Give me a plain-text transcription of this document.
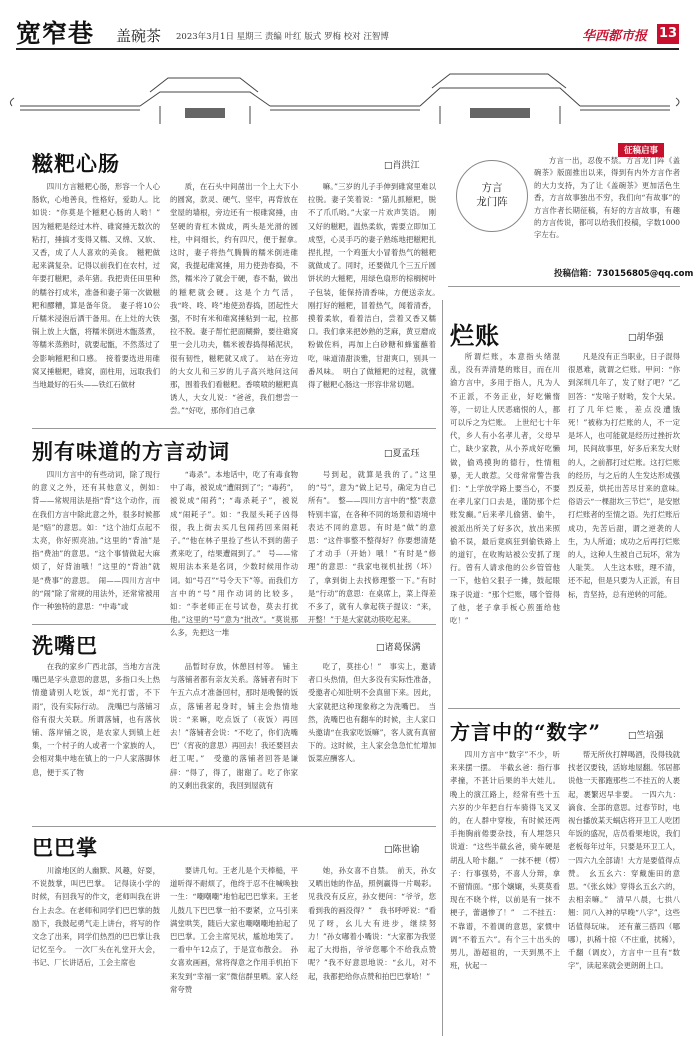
宽窄巷 盖碗茶 2023年3月1日 星期三 责编 叶红 版式 罗梅 校对 汪智博	华西都市报 13
糍粑心肠	□肖洪江

四川方言糍粑心肠，形容一个人心肠软，心地善良，性格好，爱助人。比如说：“你莫是个糍粑心肠的人哟！”　因为糍粑是经过木杵、碓窝捶无数次的粘打，捶搞才变得又糯、又绵、又软、又香，成了人人喜欢的美食。　糍粑做起来满复杂。记得以前我们在农村，过年要打糍粑，杀年猪。我把责任田里种的糯谷打成米，准备和妻子第一次做糍粑和醪糟，算是备年货。　妻子将10公斤糯米浸泡后洒干备用。在上灶的大铁锅上放上大甑，将糯米倒进木甑蒸煮，等糯米蒸熟时，就要起甑，不然蒸过了会影响糍粑和口感。　接着要选进用碓窝叉捶糍粑，碓窝，面柱用，远取我们当地最好的石头——铁红石做材

质，在石头中间凿出一个上大下小的圆窝，款灵、硬气、坚牢，再背放在堂屋的墙根，旁边还有一根碓窝捶，由坚硬的青杠木做成，两头是光滑的圆柱，中间细长，约有四尺，便于握拿。　这时，妻子将热气腾腾的糯米倒进碓窝，我提起碓窝捶，用力使劲春捣，不然，糯米冷了就会干硬，春不黏，做出的糍粑就会硬。这是个力气活，我“咚、咚、咚”地使劲春捣，团起性大强，不时有米和碓窝捶粘到一起，拉都拉不脱。妻子帮忙把面糊擀，要往碓窝里一会儿功夫，糯米被春捣得稀泥状，很有韧性，糍粑就又成了。　站在旁边的大女儿和三岁的儿子高兴地问这问那，围着我们看糍粑。香喷喷的糍粑真诱人，大女儿说：“爸爸，我们想尝一尝。”“好吃，那你们自己拿

嘛。”三岁的儿子手伸到碓窝里难以拉脱。妻子笑着说：“猫儿抓糍粑，脱不了爪爪哟。”大家一片欢声笑语。　刚又好的糍粑，温热柔软，需要立即加工成型，心灵手巧的妻子熟练地把糍粑扎捏扎捏，一个鸡蛋大小冒着热气的糍粑就做成了。同时，还要做几个三五斤圆饼状的大糍粑，用绿色扇形的棕榈树叶子包装，能保持清香味，方便送亲友。　刚打好的糍粑，冒着热气，闻着清香，摸着柔软，看着洁白，尝着又香又糯口。我们拿来把妙熟的芝麻，黄豆磨成粉做佐料，再加上白砂糖和蜂蜜蘸着吃，味道清甜淡雅，甘甜爽口，别具一番风味。　明白了做糍粑的过程，就懂得了糍粑心肠这一形容非常切题。

征稿启事
方言
龙门阵

方言一出，忍俊不禁。方言龙门阵《盖碗茶》版面推出以来，得到有内外方言作者的大力支持，为了让《盖碗茶》更加活色生香，方言故事独出不穷，我们向“有故事”的方言作者长期征稿，有好的方言故事，有趣的方言传说，都可以给我们投稿，字数1000字左右。

投稿信箱：730156805@qq.com
别有味道的方言动词	□夏孟珏

四川方言中的有些动词，除了现行的意义之外，还有其他意义，例如：　背——常规用法是指“背”这个动作，而在我们方言中除此意之外，很多时候都是“赔”的意思。如：“这个油灯点起不太亮，你好照亮油。”这里的“背油”是指“费油”的意思。“这个事情做起大麻烦了，好背油哦！”这里的“背油”就是“费事”的意思。　闹——四川方言中的“闹”除了常规的用法外，还常常被用作一种独特的意思：“中毒”或

“毒杀”。本地话中，吃了有毒食物中了毒，被说成“遭闹到了”；“毒药”，被说成“闹药”；“毒杀耗子”，被说成“闹耗子”。如：“我屋头耗子凶得很，我上街去买几包闹药回来闹耗子。”“他在林子里捡了些认不到的菌子煮来吃了，结果遭闹到了。”　号——常规用法本来是名词，少数时候用作动词。如“号召”“号令天下”等。而我们方言中的“号”用作动词的比较多，如：“李老师正在号试卷，莫去打扰他。”这里的“号”意为“批改”。“莫说那么多，先把这一堆

号到起，就算是我的了。”这里的“号”，意为“做上记号，确定为自己所有”。　整——四川方言中的“整”表意特别丰富，在各种不同的场景和语境中表达不同的意思。有时是“做”的意思：“这件事整不整得好？你要想清楚了才动手（开始）哦！”有时是“修理”的意思：“我家电视机扯拐（坏）了，拿到街上去找修理整一下。”有时是“行动”的意思：在桌席上，菜上得差不多了，就有人拿起筷子提议：“来，开整！”于是大家就动筷吃起来。

洗嘴巴	□诸葛保满

在我的家乡广西北部，当地方言洗嘴巴是字头意思的意思，多指口头上热情邀请别人吃饭，却“光打雷，不下雨”，没有实际行动。　洗嘴巴与落铺习俗有很大关联。所谓落铺，也有落伙铺、落岸铺之说，是农家人到镇上赶集，一个村子的人或者一个家族的人，会相对集中地在镇上的一户人家落脚休息，便于买了物

品暂时存放，休憩回村等。　铺主与落铺者都有亲友关系。落铺者有时下午五六点才准备回村，那时是晚餐的饭点，落铺者起身时，铺主会热情地说：“来嘛，吃点饭了（夜饭）再回去！”落铺者会说：“不吃了，你们洗嘴巴’（宵夜的意思）再回去！我还要回去赶工呢。”　受邀的落铺者回答是谦辞：“得了，得了，谢谢了。吃了你家的又剩出我家的，我回到屋就有

吃了，莫挂心！”　事实上，邀请者口头热情，但大多没有实际性准备，受邀者心知肚明不会真留下来。因此，大家就把这种现象称之为洗嘴巴。　当然，洗嘴巴也有翻车的时候，主人家口头邀请“在我家吃饭嘛”，客人就有真留下的。这时候，主人家会急急忙忙增加饭菜应酬客人。

巴巴掌	□陈世谕

川渝地区的人幽默、风趣，好耍，不说鼓掌，叫巴巴掌。　记得读小学的时候，有回我写的作文，老师叫我在讲台上去念。在老师和同学们巴巴掌的鼓励下，我鼓起勇气走上讲台，将写的作文念了出来，同学们热烈的巴巴掌让我记忆至今。　一次厂头在礼堂开大会，书记、厂长讲话后，工会主席也

要讲几句。王老儿是个天棒槌，平道听得不耐烦了，他终于忍不住喊唤独一生：“嘲嘲嘲”地怕起巴巴掌来。王老儿鼓几下巴巴掌一拍不要紧，立马引来满堂哄笑，随后大家也嘲嘲嘲地拍起了巴巴掌。工会主席见状，尴尬地笑了。一看中午12点了，于是宣布散会。　孙女喜欢画画，常将得意之作用手机拍下来发到“幸福一家”微信群里晒。家人经常夸赞

她，孙女喜不自禁。　前天，孙女又晒出她的作品，照例赢得一片喝彩。见我没有反应，孙女便问：“爷爷，您看到我的画没得？”　我书呼呼说：“看见了呀，幺儿大有进步，继续努力！”孙女嘟着小嘴说：“大家都为我竖起了大拇指，爷爷您哪个不给我点赞呢？”我不好意思地说：“幺儿，对不起，我都把给你点赞和拍巴巴掌哈！”

烂账	□胡华强

所谓烂账，本意指头绪混乱，没有弄清楚的账目，而在川渝方言中，多用于指人，凡为人不正派，不务正业，好吃懒惰等，一切让人厌恶痛恨的人，都可以斥之为烂账。　上世纪七十年代，乡人有小名孝儿者，父母早亡，缺少家教，从小养成好吃懒做，偷鸡摸狗的德行，性情粗暴，无人敢惹。父母常常警告我们：“上学放学路上要当心，不要在孝儿家门口去是，谨防那个烂账发癫。”后来孝儿偷猪、偷牛，被派出所关了好多次，放出来照偷不误，最后竟疯狂到偷铁路上的道钉，在收购站被公安抓了现行。曾有人请求他的公乡管管他一下，他伯父狠子一摊，鼓起眼珠子说道：“那个烂账，哪个管得了他，老子拿手板心煎蛋给他吃！”

凡是没有正当职业，日子混得很恩难，就谓之烂账。甲问：“你到深圳几年了，发了财了吧？”乙回答：“发啥子财哟，发个大呆。打了几年烂账，差点没遭饿死！”被称为打烂账的人，不一定是坏人，也可能就是经历过挫折坎坷，民间故事里，好多后来发大财的人，之前都打过烂账。这打烂账的经历，与之后的人生发达形成强烈反差，烘托出苦尽甘来的意味。　俗语云“一棵甜坎三节烂”，是安慰打烂账者的至情之语。先打烂账后成功，先苦后甜，谓之逆袭的人生，为人所道；成功之后再打烂账的人，这种人生被自己玩坏，常为人耻笑。　人生这本账，理不清，还不起，但是只要为人正派，有目标，肯坚持，总有逆转的可能。

方言中的“数字”	□竺培强

四川方言中“数字”不少，听来来摆一摆。　半截幺爸：指行事孝撞，不甚计后果的半大娃儿。晚上的演江路上，经常有些十五六岁的少年把自行车骑得飞叉叉的，在人群中穿梭，有时候还两手拖胸前倦要杂技，有人埋怨只说道：“这些半截幺爸，骑车硬是胡乱人哈卡翻。”　一抹不梗（楞）子：行事强势，不喜人分辩，拿不留情面。“那个嬢嬢，头莫莫看现在不晓个样，以前是有一抹不梗子，蕾遇惨了！”　二不挂五：不靠谱，不着调的意思，家惯中调“不着五六”。有个三十出头的男儿，游超祖的，一天到黑不上班，伙起一

帮无所伙打牌喝酒，没得钱就找老汉要钱，活妳地屋翻。邻居都说他一天都跑那些二不挂五的人裹起，裹繁迟早非要。　一四六九：滴食、全部的意思。过春节时，电视台播放某天蜗店将开卫工人吃团年饭的盛况，店员看果地说，我们老板每年过年，只要是环卫工人，一四六九全部请！大方是要值得点赞。　幺五幺六：穿戴施田的意思。“《张幺妹》穿得幺五幺六的，去相亲嘛。”　清早八晨，七拱八翘：同八入神的早晚“八字”，这些话值得玩味。　还有董三搭四（哪哪），扒稀十掠（不庄重，扰稀），千翻（调皮），方言中一旦有“数字”，读起来就会更朗朗上口。
